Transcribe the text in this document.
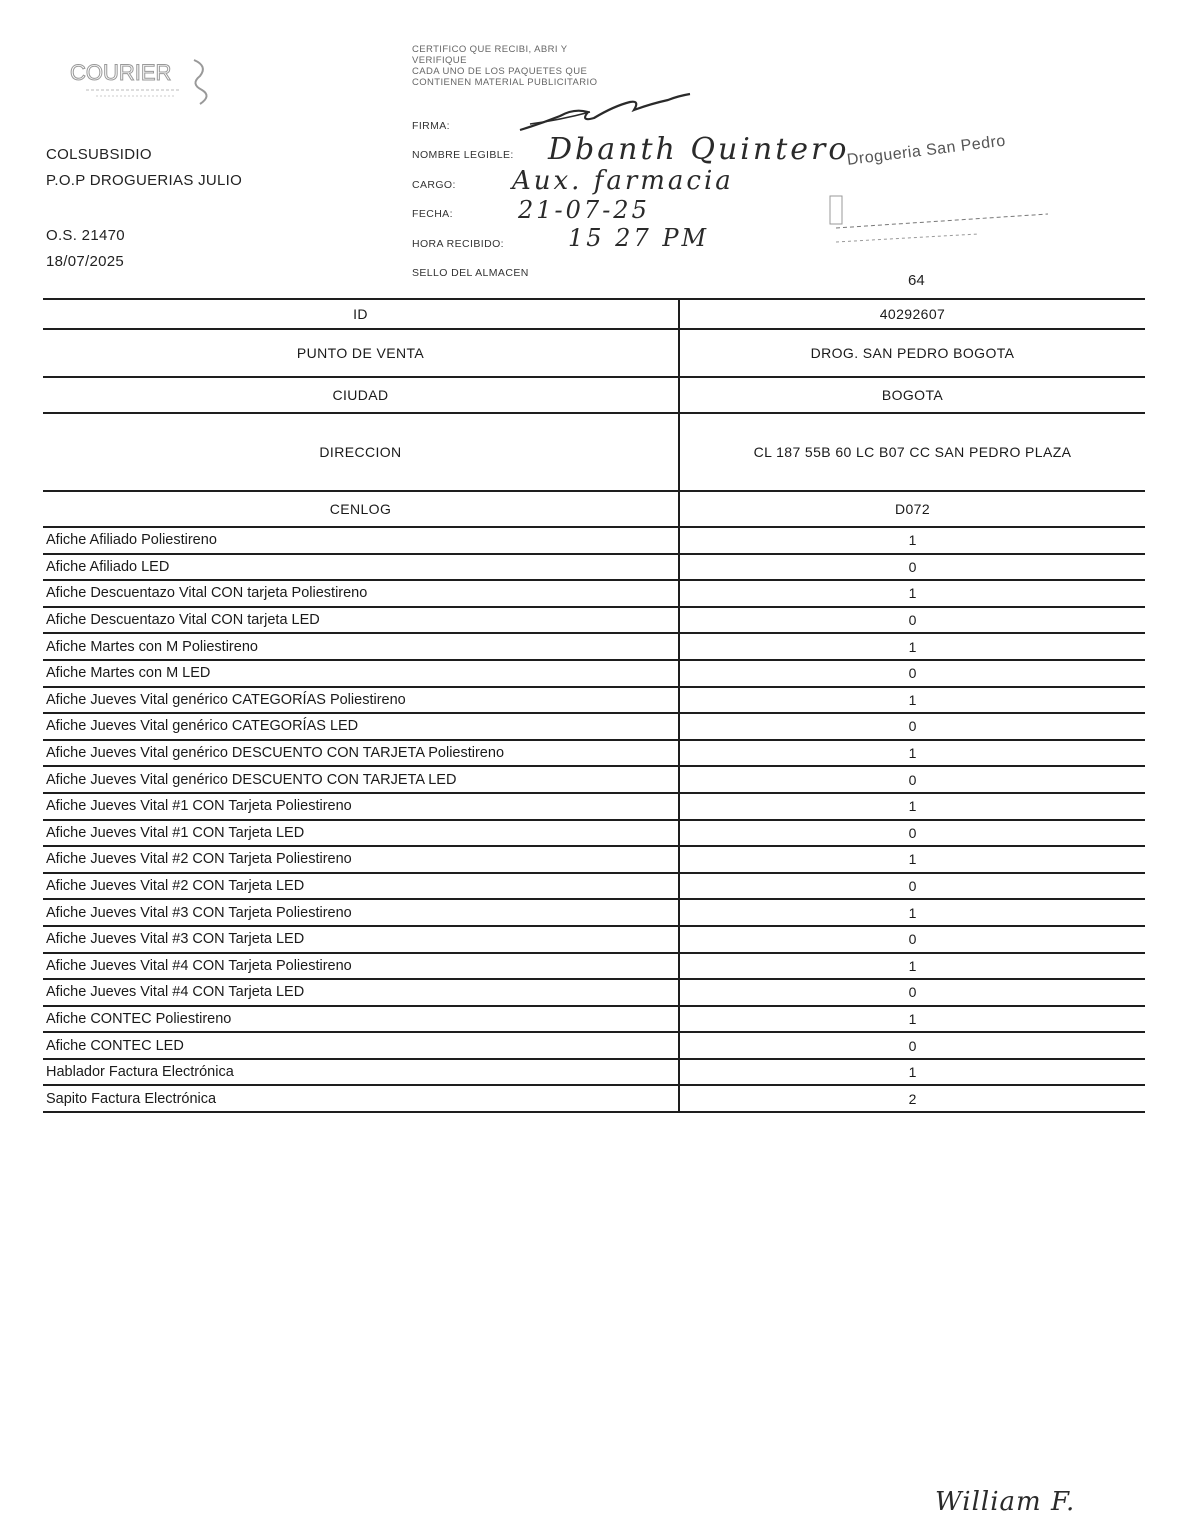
COURIER
COLSUBSIDIO
P.O.P DROGUERIAS JULIO
O.S. 21470
18/07/2025
CERTIFICO QUE RECIBI, ABRI Y
VERIFIQUE
CADA UNO DE LOS PAQUETES QUE
CONTIENEN MATERIAL PUBLICITARIO
FIRMA:
NOMBRE LEGIBLE:
CARGO:
FECHA:
HORA RECIBIDO:
SELLO DEL ALMACEN
Dbanth Quintero
Aux. farmacia
21-07-25
15 27 PM
Drogueria San Pedro
64
ID	40292607
PUNTO DE VENTA	DROG. SAN PEDRO BOGOTA
CIUDAD	BOGOTA
DIRECCION	CL 187 55B 60 LC B07 CC SAN PEDRO PLAZA
CENLOG	D072
Afiche Afiliado Poliestireno	1
Afiche Afiliado LED	0
Afiche Descuentazo Vital CON tarjeta Poliestireno	1
Afiche Descuentazo Vital CON tarjeta LED	0
Afiche Martes con M Poliestireno	1
Afiche Martes con M LED	0
Afiche Jueves Vital genérico CATEGORÍAS Poliestireno	1
Afiche Jueves Vital genérico CATEGORÍAS LED	0
Afiche Jueves Vital genérico DESCUENTO CON TARJETA Poliestireno	1
Afiche Jueves Vital genérico DESCUENTO CON TARJETA LED	0
Afiche Jueves Vital #1 CON Tarjeta Poliestireno	1
Afiche Jueves Vital #1 CON Tarjeta LED	0
Afiche Jueves Vital #2 CON Tarjeta Poliestireno	1
Afiche Jueves Vital #2 CON Tarjeta LED	0
Afiche Jueves Vital #3 CON Tarjeta Poliestireno	1
Afiche Jueves Vital #3 CON Tarjeta LED	0
Afiche Jueves Vital #4 CON Tarjeta Poliestireno	1
Afiche Jueves Vital #4 CON Tarjeta LED	0
Afiche CONTEC Poliestireno	1
Afiche CONTEC LED	0
Hablador Factura Electrónica	1
Sapito Factura Electrónica	2
William F.
